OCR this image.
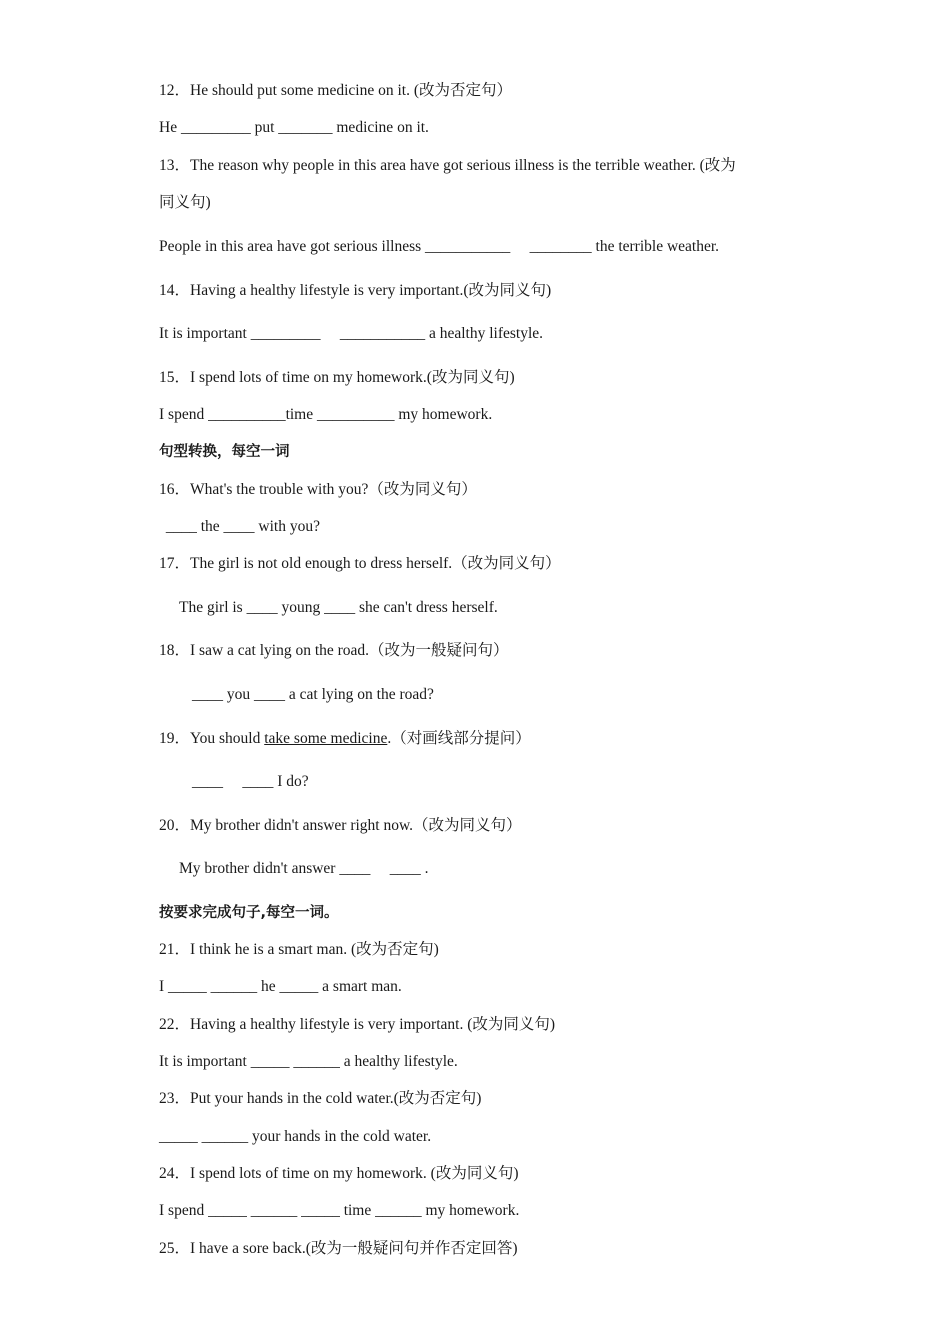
12．He should put some medicine on it. (改为否定句）
He _________ put _______ medicine on it.
13．The reason why people in this area have got serious illness is the terrible weather. (改为
同义句)
People in this area have got serious illness ___________     ________ the terrible weather.
14．Having a healthy lifestyle is very important.(改为同义句)
It is important _________     ___________ a healthy lifestyle.
15．I spend lots of time on my homework.(改为同义句)
I spend __________time __________ my homework.
句型转换，每空一词
16．What's the trouble with you?（改为同义句）
____ the ____ with you?
17．The girl is not old enough to dress herself.（改为同义句）
The girl is ____ young ____ she can't dress herself.
18．I saw a cat lying on the road.（改为一般疑问句）
____ you ____ a cat lying on the road?
19．You should take some medicine.（对画线部分提问）
____     ____ I do?
20．My brother didn't answer right now.（改为同义句）
My brother didn't answer ____     ____ .
按要求完成句子,每空一词。
21．I think he is a smart man. (改为否定句)
I _____ ______ he _____ a smart man.
22．Having a healthy lifestyle is very important. (改为同义句)
It is important _____ ______ a healthy lifestyle.
23．Put your hands in the cold water.(改为否定句)
_____ ______ your hands in the cold water.
24．I spend lots of time on my homework. (改为同义句)
I spend _____ ______ _____ time ______ my homework.
25．I have a sore back.(改为一般疑问句并作否定回答)
